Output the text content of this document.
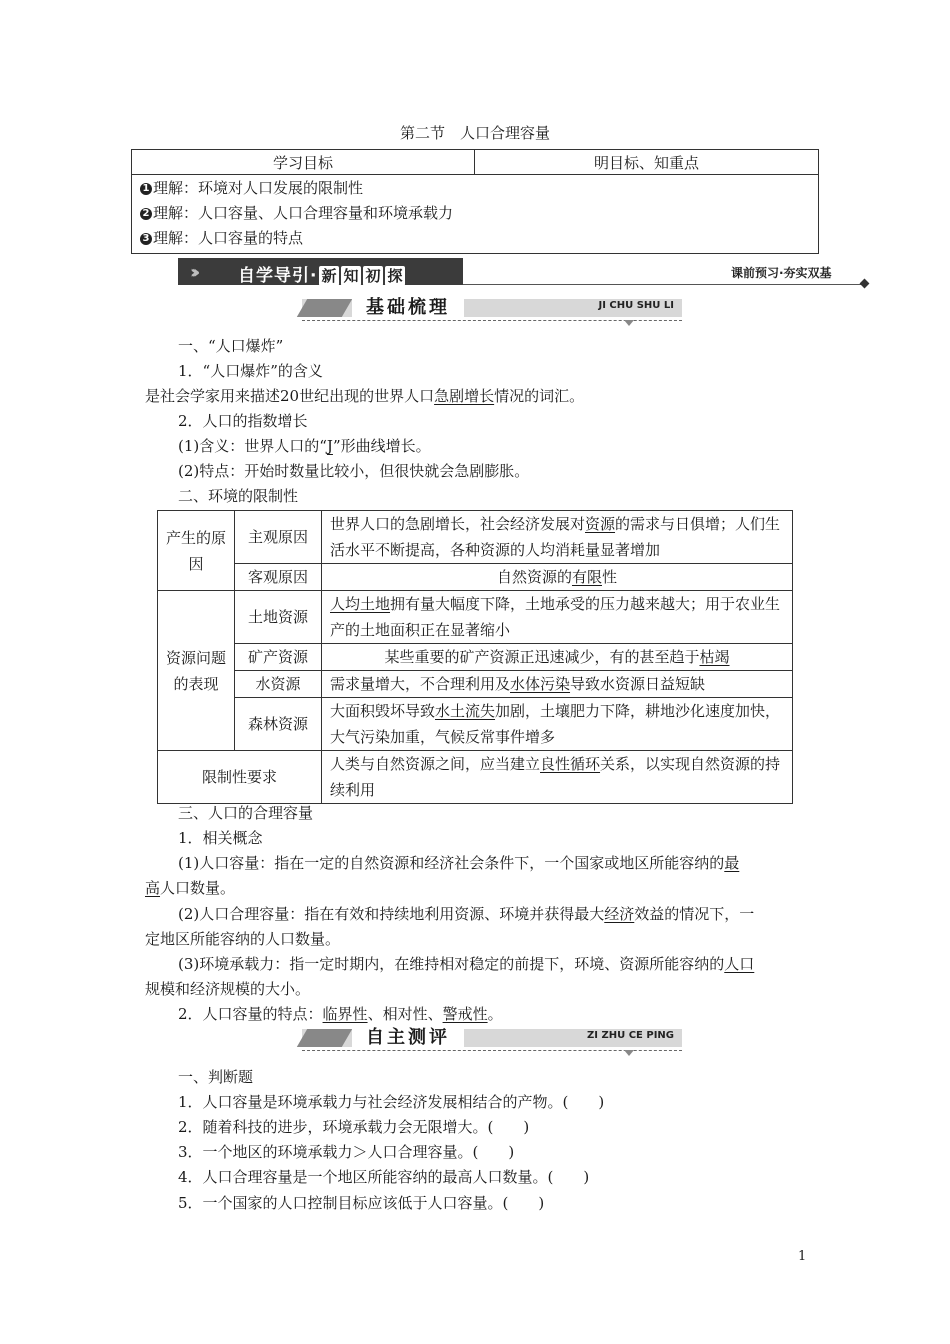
第二节　人口合理容量
学习目标	明目标、知重点

1 理解：环境对人口发展的限制性
2 理解：人口容量、人口合理容量和环境承载力
3 理解：人口容量的特点
›››	自学导引· 新 知 初 探	课前预习·夯实双基
基础梳理	JI CHU SHU LI
一、“人口爆炸”
1．“人口爆炸”的含义
是社会学家用来描述20世纪出现的世界人口急剧增长情况的词汇。
2．人口的指数增长
(1)含义：世界人口的“J”形曲线增长。
(2)特点：开始时数量比较小，但很快就会急剧膨胀。
二、环境的限制性
产生的原因	主观原因	世界人口的急剧增长，社会经济发展对资源的需求与日俱增；人们生活水平不断提高，各种资源的人均消耗量显著增加
	客观原因	自然资源的有限性
资源问题的表现	土地资源	人均土地拥有量大幅度下降，土地承受的压力越来越大；用于农业生产的土地面积正在显著缩小
	矿产资源	某些重要的矿产资源正迅速减少，有的甚至趋于枯竭
	水资源	需求量增大，不合理利用及水体污染导致水资源日益短缺
	森林资源	大面积毁坏导致水土流失加剧，土壤肥力下降，耕地沙化速度加快，大气污染加重，气候反常事件增多
限制性要求		人类与自然资源之间，应当建立良性循环关系，以实现自然资源的持续利用
三、人口的合理容量
1．相关概念
(1)人口容量：指在一定的自然资源和经济社会条件下，一个国家或地区所能容纳的最
高人口数量。
(2)人口合理容量：指在有效和持续地利用资源、环境并获得最大经济效益的情况下，一
定地区所能容纳的人口数量。
(3)环境承载力：指一定时期内，在维持相对稳定的前提下，环境、资源所能容纳的人口
规模和经济规模的大小。
2．人口容量的特点：临界性、相对性、警戒性。
自主测评	ZI ZHU CE PING
一、判断题
1．人口容量是环境承载力与社会经济发展相结合的产物。(　　)
2．随着科技的进步，环境承载力会无限增大。(　　)
3．一个地区的环境承载力＞人口合理容量。(　　)
4．人口合理容量是一个地区所能容纳的最高人口数量。(　　)
5．一个国家的人口控制目标应该低于人口容量。(　　)
1
